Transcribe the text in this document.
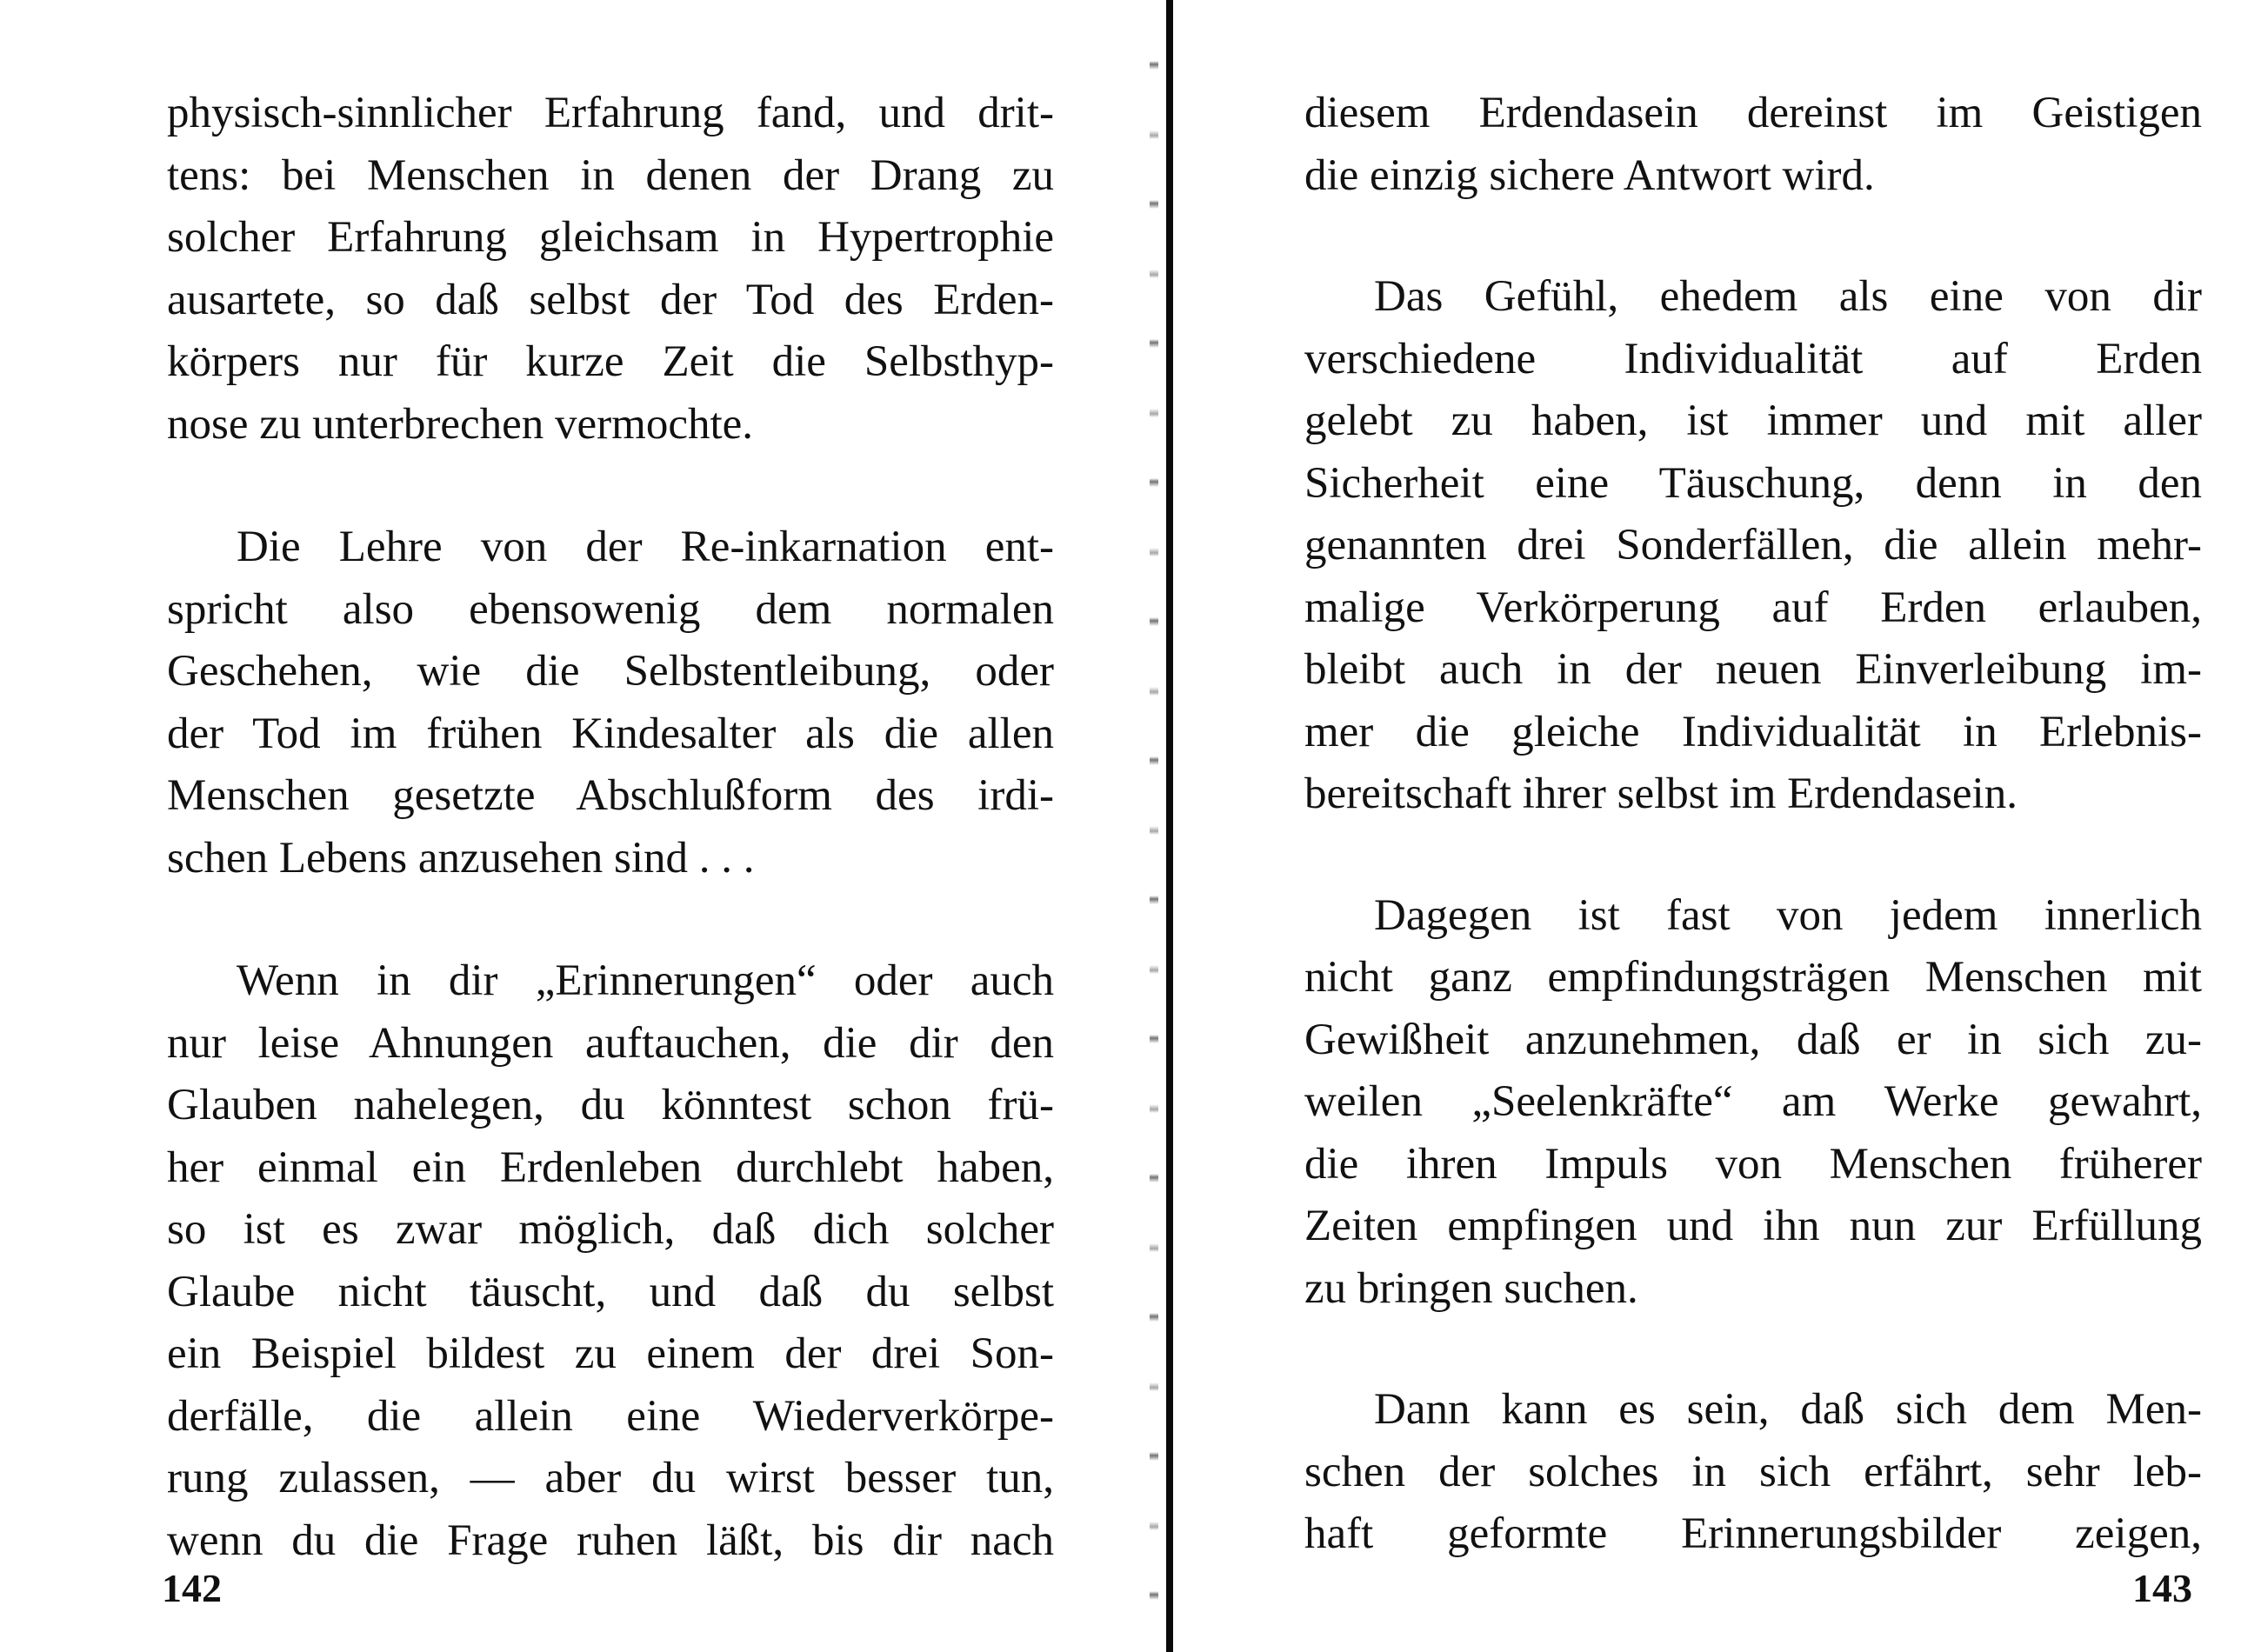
physisch-sinnlicher Erfahrung fand, und drit-
tens: bei Menschen in denen der Drang zu
solcher Erfahrung gleichsam in Hypertrophie
ausartete, so daß selbst der Tod des Erden-
körpers nur für kurze Zeit die Selbsthyp-
nose zu unterbrechen vermochte.

Die Lehre von der Re-inkarnation ent-
spricht also ebensowenig dem normalen
Geschehen, wie die Selbstentleibung, oder
der Tod im frühen Kindesalter als die allen
Menschen gesetzte Abschlußform des irdi-
schen Lebens anzusehen sind . . .

Wenn in dir „Erinnerungen“ oder auch
nur leise Ahnungen auftauchen, die dir den
Glauben nahelegen, du könntest schon frü-
her einmal ein Erdenleben durchlebt haben,
so ist es zwar möglich, daß dich solcher
Glaube nicht täuscht, und daß du selbst
ein Beispiel bildest zu einem der drei Son-
derfälle, die allein eine Wiederverkörpe-
rung zulassen, — aber du wirst besser tun,
wenn du die Frage ruhen läßt, bis dir nach

142

diesem Erdendasein dereinst im Geistigen
die einzig sichere Antwort wird.

Das Gefühl, ehedem als eine von dir
verschiedene Individualität auf Erden
gelebt zu haben, ist immer und mit aller
Sicherheit eine Täuschung, denn in den
genannten drei Sonderfällen, die allein mehr-
malige Verkörperung auf Erden erlauben,
bleibt auch in der neuen Einverleibung im-
mer die gleiche Individualität in Erlebnis-
bereitschaft ihrer selbst im Erdendasein.

Dagegen ist fast von jedem innerlich
nicht ganz empfindungsträgen Menschen mit
Gewißheit anzunehmen, daß er in sich zu-
weilen „Seelenkräfte“ am Werke gewahrt,
die ihren Impuls von Menschen früherer
Zeiten empfingen und ihn nun zur Erfüllung
zu bringen suchen.

Dann kann es sein, daß sich dem Men-
schen der solches in sich erfährt, sehr leb-
haft geformte Erinnerungsbilder zeigen,

143
